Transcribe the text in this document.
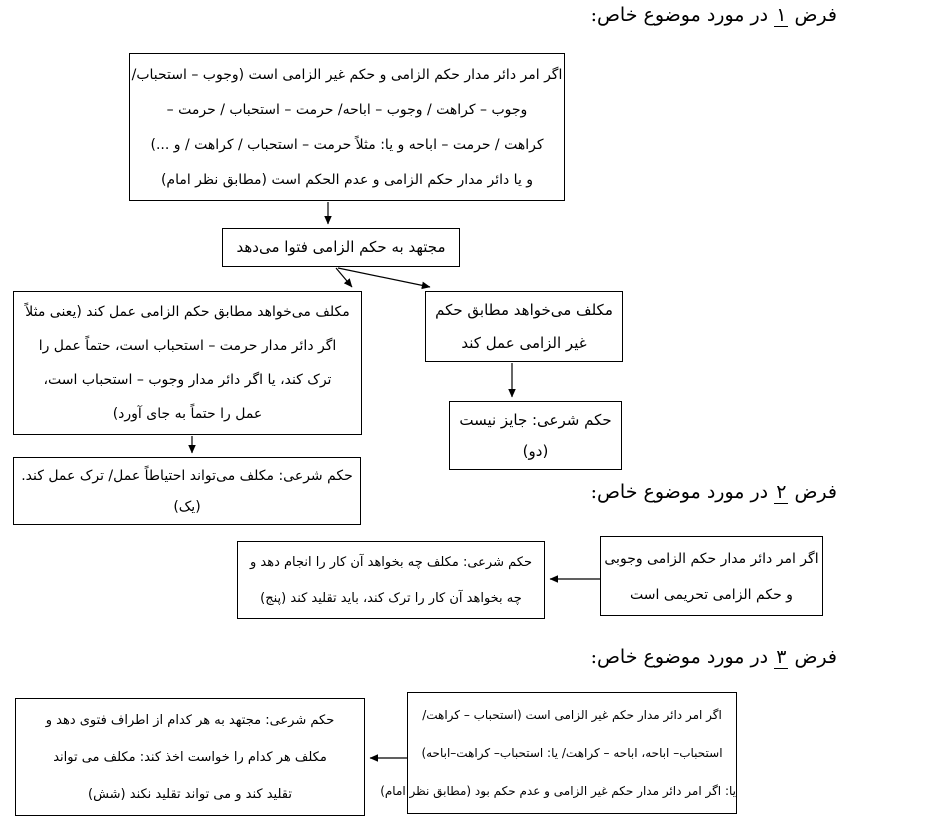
فرض ۱ در مورد موضوع خاص:
اگر امر دائر مدار حکم الزامی و حکم غیر الزامی است (وجوب – استحباب/
وجوب – کراهت / وجوب – اباحه/ حرمت – استحباب / حرمت –
کراهت / حرمت – اباحه و یا: مثلاً حرمت – استحباب / کراهت / و ...)
و یا دائر مدار حکم الزامی و عدم الحکم است (مطابق نظر امام)
مجتهد به حکم الزامی فتوا می‌دهد
مکلف می‌خواهد مطابق حکم الزامی عمل کند (یعنی مثلاً
اگر دائر مدار حرمت – استحباب است، حتماً عمل را
ترک کند، یا اگر دائر مدار وجوب – استحباب است،
عمل را حتماً به جای آورد)
مکلف می‌خواهد مطابق حکم
غیر الزامی عمل کند
حکم شرعی: جایز نیست
(دو)
حکم شرعی: مکلف می‌تواند احتیاطاً عمل/ ترک عمل کند.
(یک)
فرض ۲ در مورد موضوع خاص:
اگر امر دائر مدار حکم الزامی وجوبی
و حکم الزامی تحریمی است
حکم شرعی: مکلف چه بخواهد آن کار را انجام دهد و
چه بخواهد آن کار را ترک کند، باید تقلید کند (پنج)
فرض ۳ در مورد موضوع خاص:
اگر امر دائر مدار حکم غیر الزامی است (استحباب – کراهت/
استحباب– اباحه، اباحه – کراهت/ یا: استحباب– کراهت–اباحه)
یا: اگر امر دائر مدار حکم غیر الزامی و عدم حکم بود (مطابق نظر امام)
حکم شرعی: مجتهد به هر کدام از اطراف فتوی دهد و
مکلف هر کدام را خواست اخذ کند: مکلف می تواند
تقلید کند و می تواند تقلید نکند (شش)
